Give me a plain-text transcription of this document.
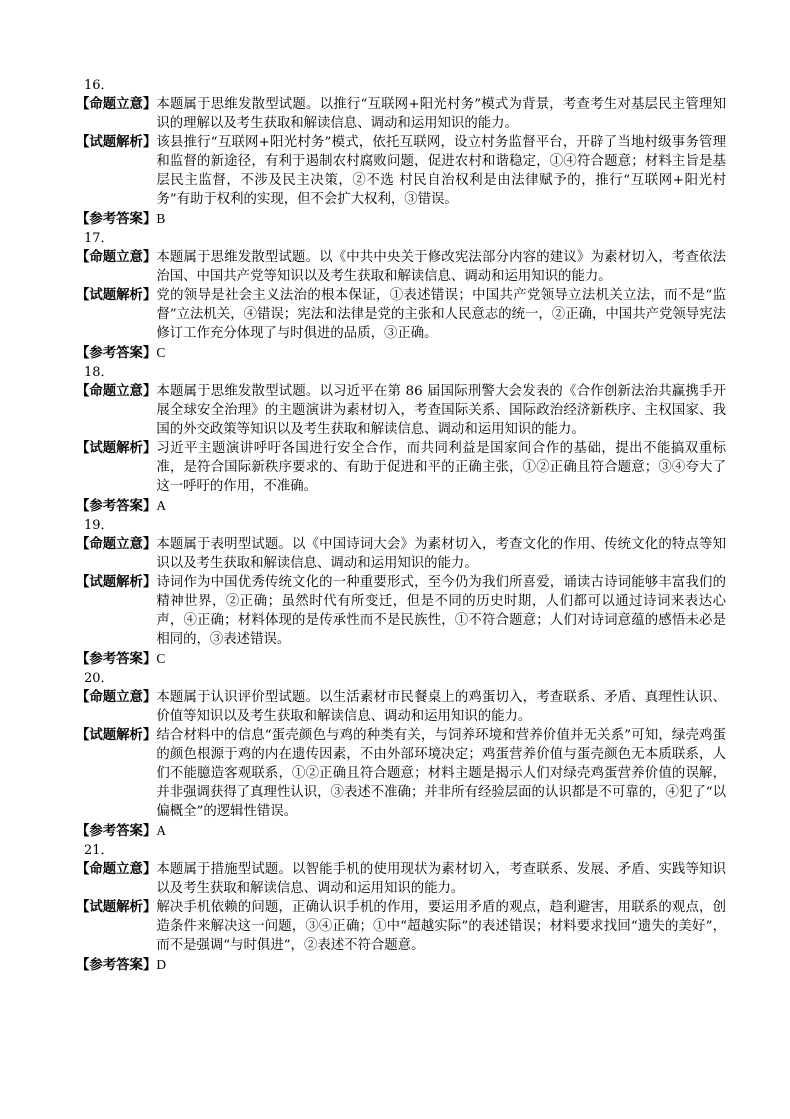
16．
【命题立意】 本题属于思维发散型试题。以推行“互联网+阳光村务”模式为背景，考查考生对基层民主管理知识的理解以及考生获取和解读信息、调动和运用知识的能力。
【试题解析】 该县推行“互联网+阳光村务”模式，依托互联网，设立村务监督平台，开辟了当地村级事务管理和监督的新途径，有利于遏制农村腐败问题，促进农村和谐稳定，①④符合题意；材料主旨是基层民主监督，不涉及民主决策，②不选 村民自治权利是由法律赋予的，推行“互联网+阳光村务”有助于权利的实现，但不会扩大权利，③错误。
【参考答案】B
17．
【命题立意】 本题属于思维发散型试题。以《中共中央关于修改宪法部分内容的建议》为素材切入，考查依法治国、中国共产党等知识以及考生获取和解读信息、调动和运用知识的能力。
【试题解析】 党的领导是社会主义法治的根本保证，①表述错误；中国共产党领导立法机关立法，而不是“监督”立法机关，④错误；宪法和法律是党的主张和人民意志的统一，②正确，中国共产党领导宪法修订工作充分体现了与时俱进的品质，③正确。
【参考答案】C
18．
【命题立意】 本题属于思维发散型试题。以习近平在第 86 届国际刑警大会发表的《合作创新法治共赢携手开展全球安全治理》的主题演讲为素材切入，考查国际关系、国际政治经济新秩序、主权国家、我国的外交政策等知识以及考生获取和解读信息、调动和运用知识的能力。
【试题解析】 习近平主题演讲呼吁各国进行安全合作，而共同利益是国家间合作的基础，提出不能搞双重标准，是符合国际新秩序要求的、有助于促进和平的正确主张，①②正确且符合题意；③④夸大了这一呼吁的作用，不准确。
【参考答案】A
19．
【命题立意】 本题属于表明型试题。以《中国诗词大会》为素材切入，考查文化的作用、传统文化的特点等知识以及考生获取和解读信息、调动和运用知识的能力。
【试题解析】 诗词作为中国优秀传统文化的一种重要形式，至今仍为我们所喜爱，诵读古诗词能够丰富我们的精神世界，②正确；虽然时代有所变迁，但是不同的历史时期，人们都可以通过诗词来表达心声，④正确；材料体现的是传承性而不是民族性，①不符合题意；人们对诗词意蕴的感悟未必是相同的，③表述错误。
【参考答案】C
20．
【命题立意】 本题属于认识评价型试题。以生活素材市民餐桌上的鸡蛋切入，考查联系、矛盾、真理性认识、价值等知识以及考生获取和解读信息、调动和运用知识的能力。
【试题解析】 结合材料中的信息“蛋壳颜色与鸡的种类有关，与饲养环境和营养价值并无关系”可知，绿壳鸡蛋的颜色根源于鸡的内在遗传因素，不由外部环境决定；鸡蛋营养价值与蛋壳颜色无本质联系，人们不能臆造客观联系，①②正确且符合题意；材料主题是揭示人们对绿壳鸡蛋营养价值的误解，并非强调获得了真理性认识，③表述不准确；并非所有经验层面的认识都是不可靠的，④犯了“以偏概全”的逻辑性错误。
【参考答案】A
21．
【命题立意】 本题属于措施型试题。以智能手机的使用现状为素材切入，考查联系、发展、矛盾、实践等知识以及考生获取和解读信息、调动和运用知识的能力。
【试题解析】 解决手机依赖的问题，正确认识手机的作用，要运用矛盾的观点，趋利避害，用联系的观点，创造条件来解决这一问题，③④正确；①中“超越实际”的表述错误；材料要求找回“遗失的美好”，而不是强调“与时俱进”，②表述不符合题意。
【参考答案】D
